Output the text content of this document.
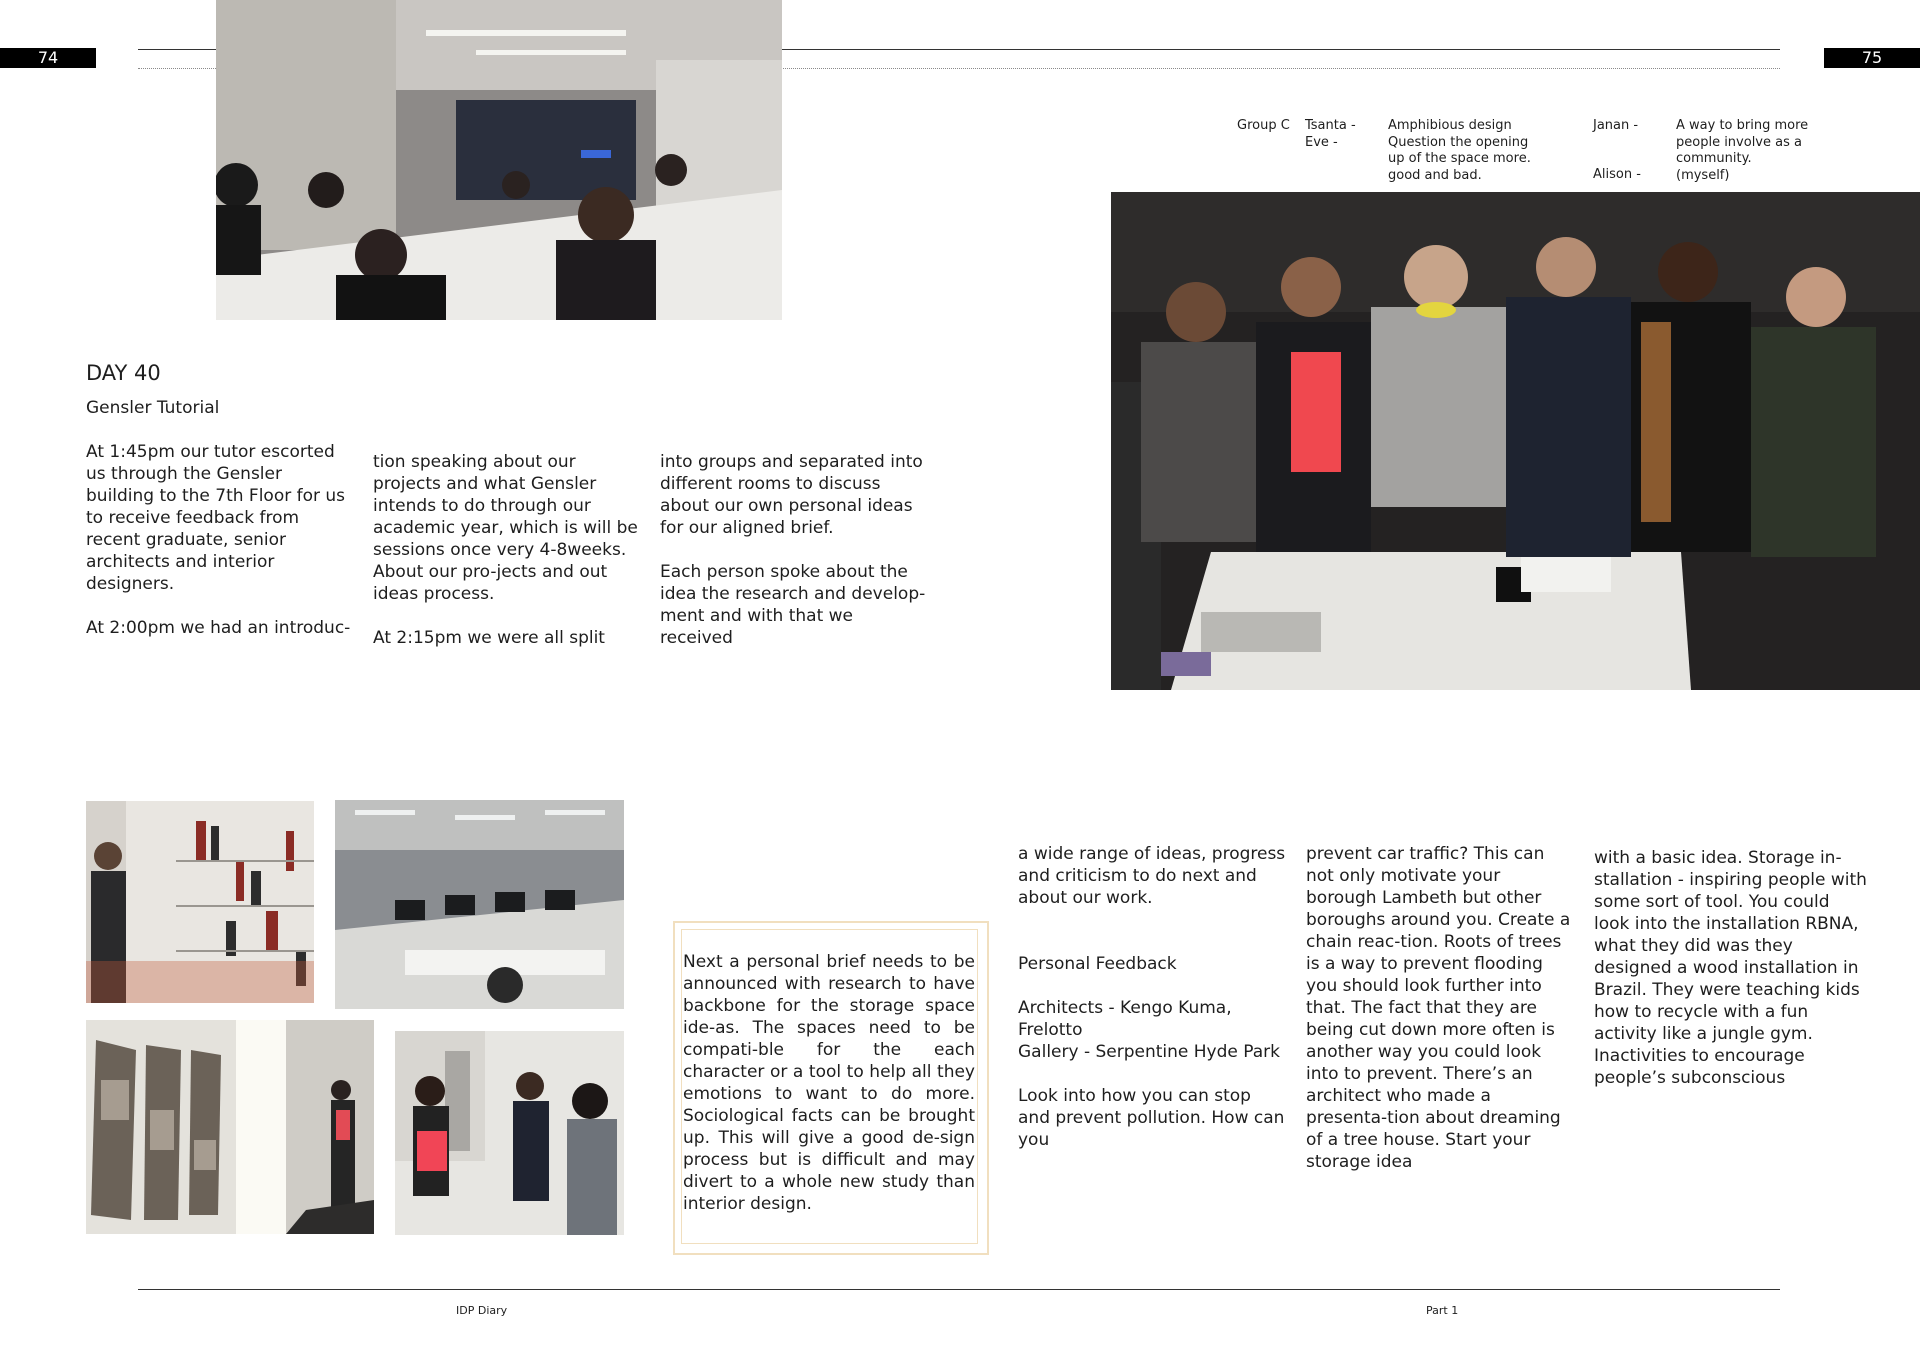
74	75
DAY 40
Gensler Tutorial
At 1:45pm our tutor escorted us through the Gensler building to the 7th Floor for us to receive feedback from recent graduate, senior architects and interior designers.

At 2:00pm we had an introduc-
tion speaking about our projects and what Gensler intends to do through our academic year, which is will be sessions once very 4-8weeks. About our pro-jects and out ideas process.

At 2:15pm we were all split
into groups and separated into different rooms to discuss about our own personal ideas for our aligned brief.

Each person spoke about the idea the research and develop-ment and with that we received
Group C Tsanta -
Eve -
Amphibious design
Question the opening
up of the space more.
good and bad.
Janan -
Alison -
A way to bring more
people involve as a
community.
(myself)
Next a personal brief needs to be announced with research to have backbone for the storage space ide-as. The spaces need to be compati-ble for the each character or a tool to help all they emotions to want to do more. Sociological facts can be brought up. This will give a good de-sign process but is difficult and may divert to a whole new study than interior design.
a wide range of ideas, progress and criticism to do next and about our work.

Personal Feedback

Architects - Kengo Kuma, Frelotto
Gallery - Serpentine Hyde Park

Look into how you can stop and prevent pollution. How can you
prevent car traffic? This can not only motivate your borough Lambeth but other boroughs around you. Create a chain reac-tion. Roots of trees is a way to prevent flooding you should look further into that. The fact that they are being cut down more often is another way you could look into to prevent. There’s an architect who made a presenta-tion about dreaming of a tree house. Start your storage idea
with a basic idea. Storage in-stallation - inspiring people with some sort of tool. You could look into the installation RBNA, what they did was they designed a wood installation in Brazil. They were teaching kids how to recycle with a fun activity like a jungle gym. Inactivities to encourage people’s subconscious
IDP Diary	Part 1
